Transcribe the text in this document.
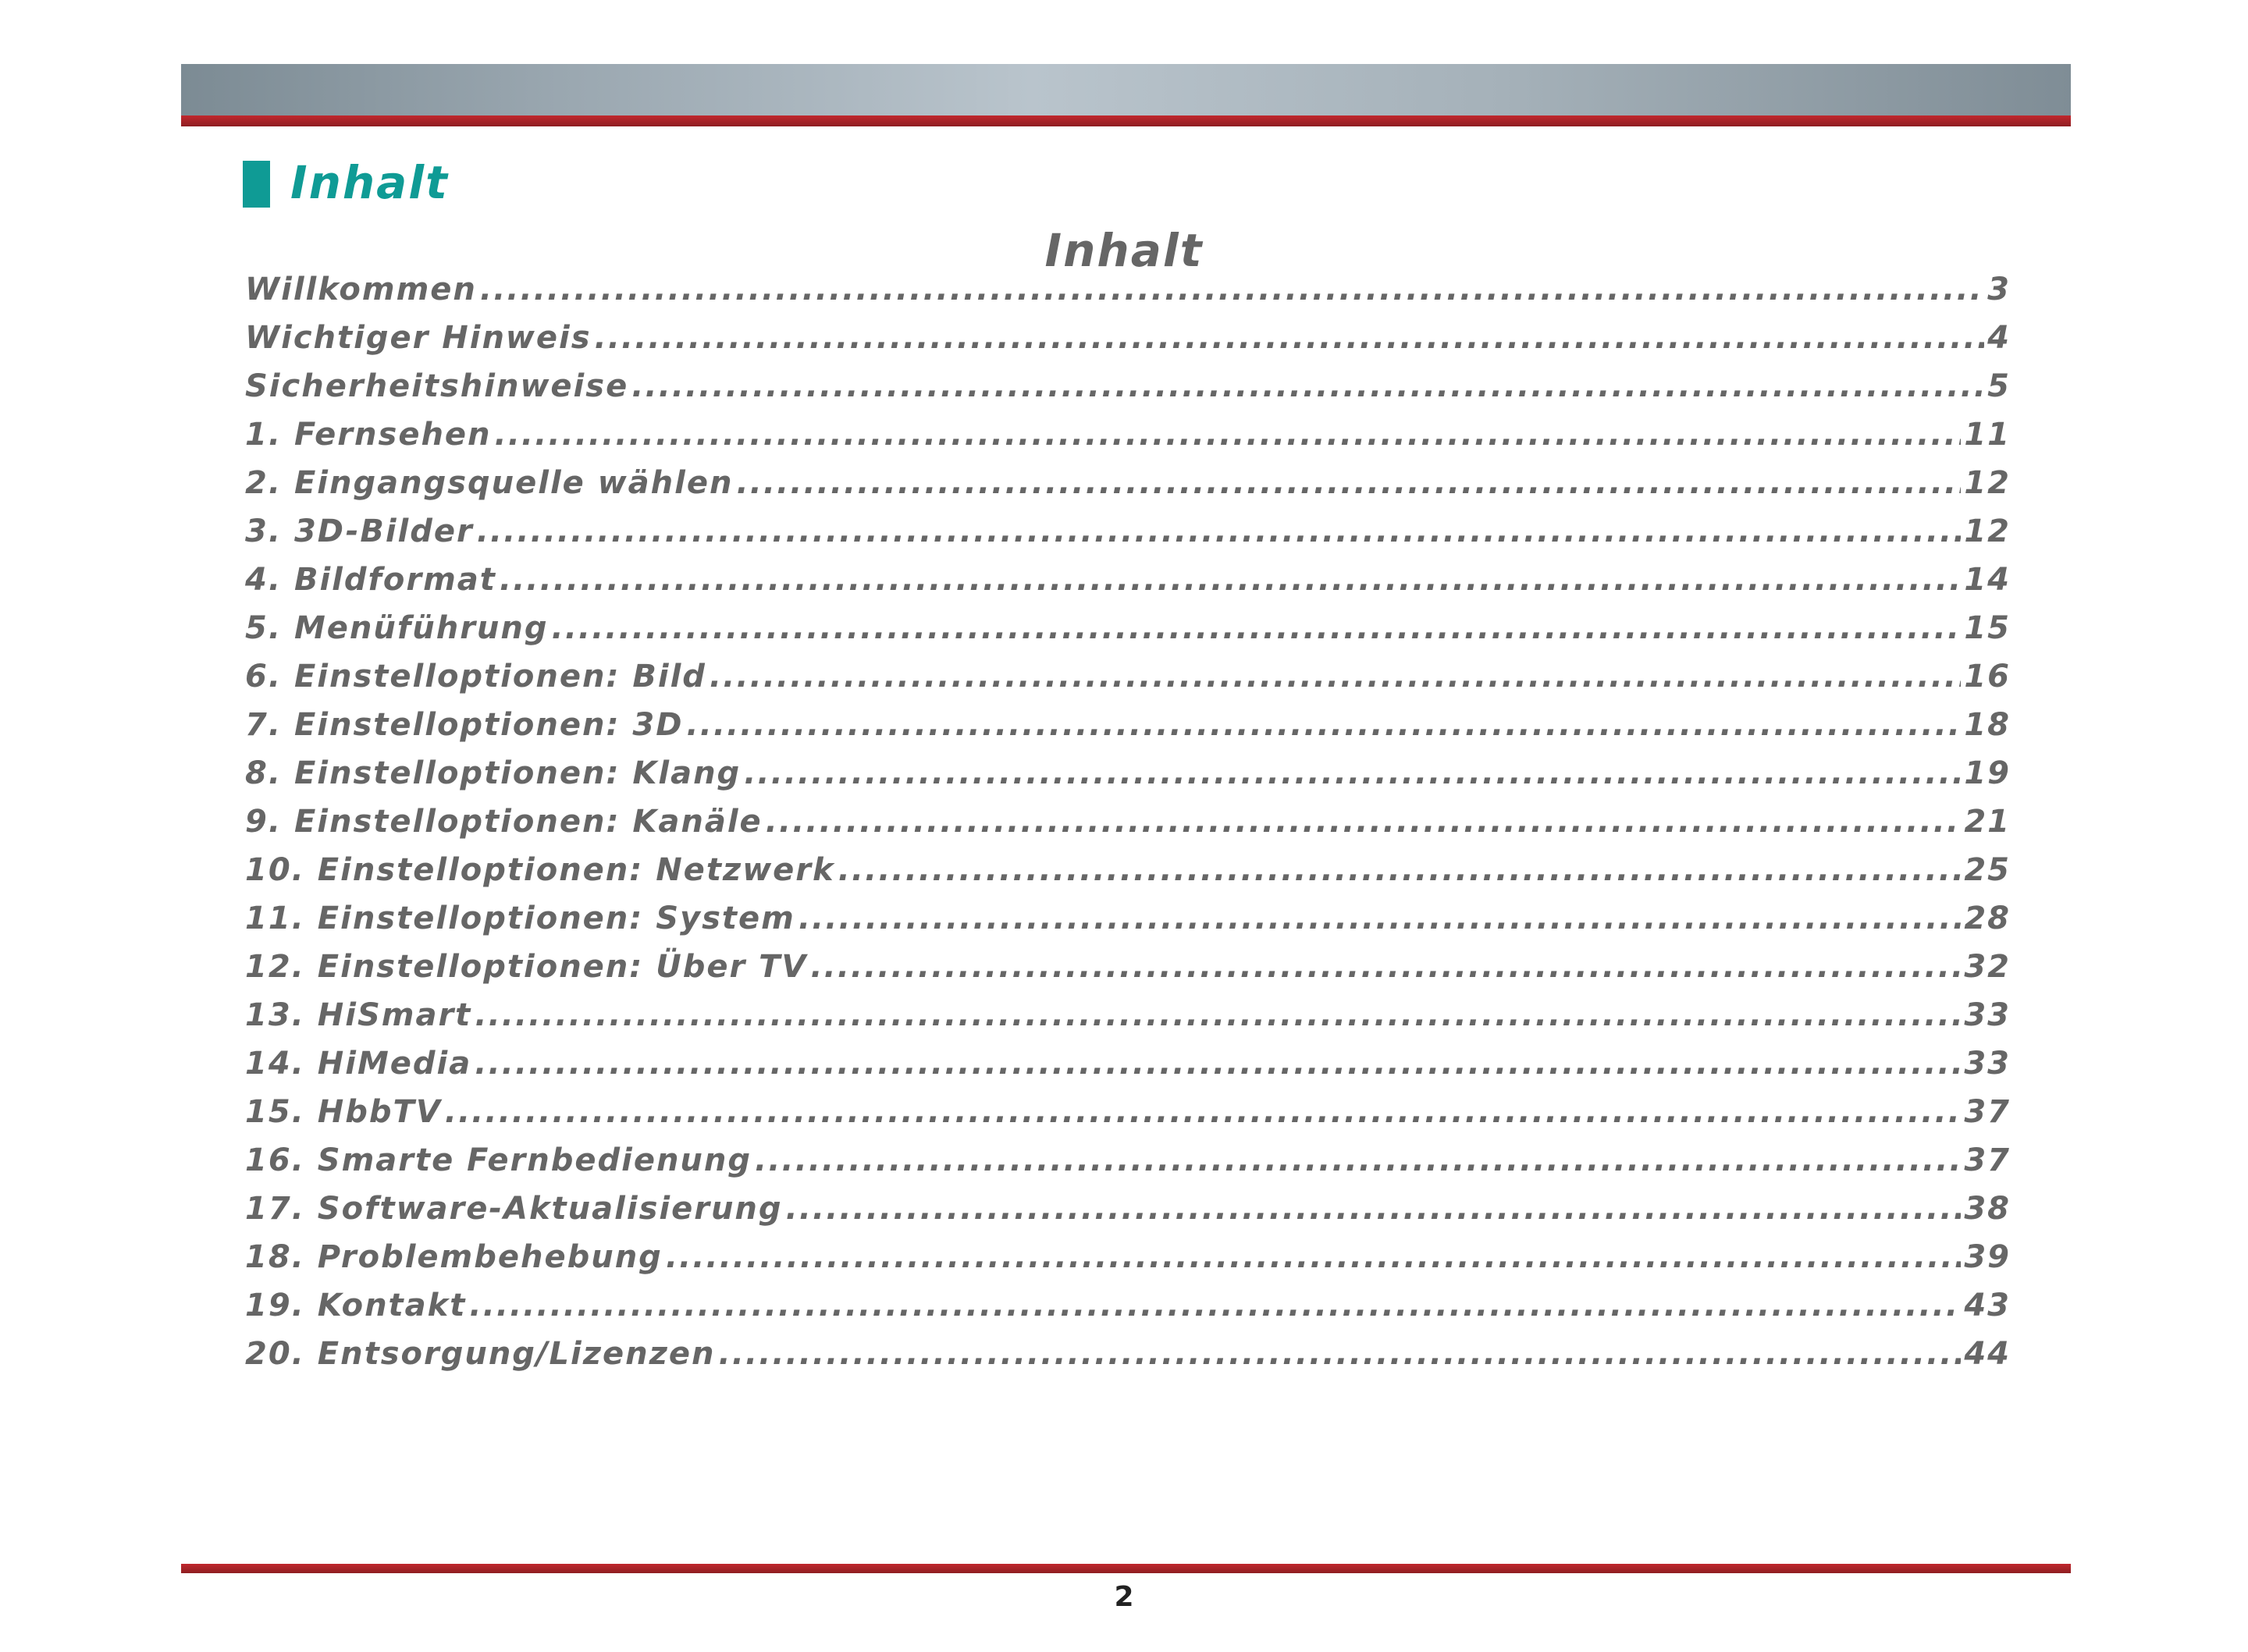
Inhalt
Inhalt
Willkommen .....	3
Wichtiger Hinweis .....	4
Sicherheitshinweise .....	5
1. Fernsehen .....	11
2. Eingangsquelle wählen .....	12
3. 3D-Bilder .....	12
4. Bildformat .....	14
5. Menüführung .....	15
6. Einstelloptionen: Bild .....	16
7. Einstelloptionen: 3D .....	18
8. Einstelloptionen: Klang .....	19
9. Einstelloptionen: Kanäle .....	21
10. Einstelloptionen: Netzwerk .....	25
11. Einstelloptionen: System .....	28
12. Einstelloptionen: Über TV .....	32
13. HiSmart .....	33
14. HiMedia .....	33
15. HbbTV .....	37
16. Smarte Fernbedienung .....	37
17. Software-Aktualisierung .....	38
18. Problembehebung .....	39
19. Kontakt .....	43
20. Entsorgung/Lizenzen .....	44
2
